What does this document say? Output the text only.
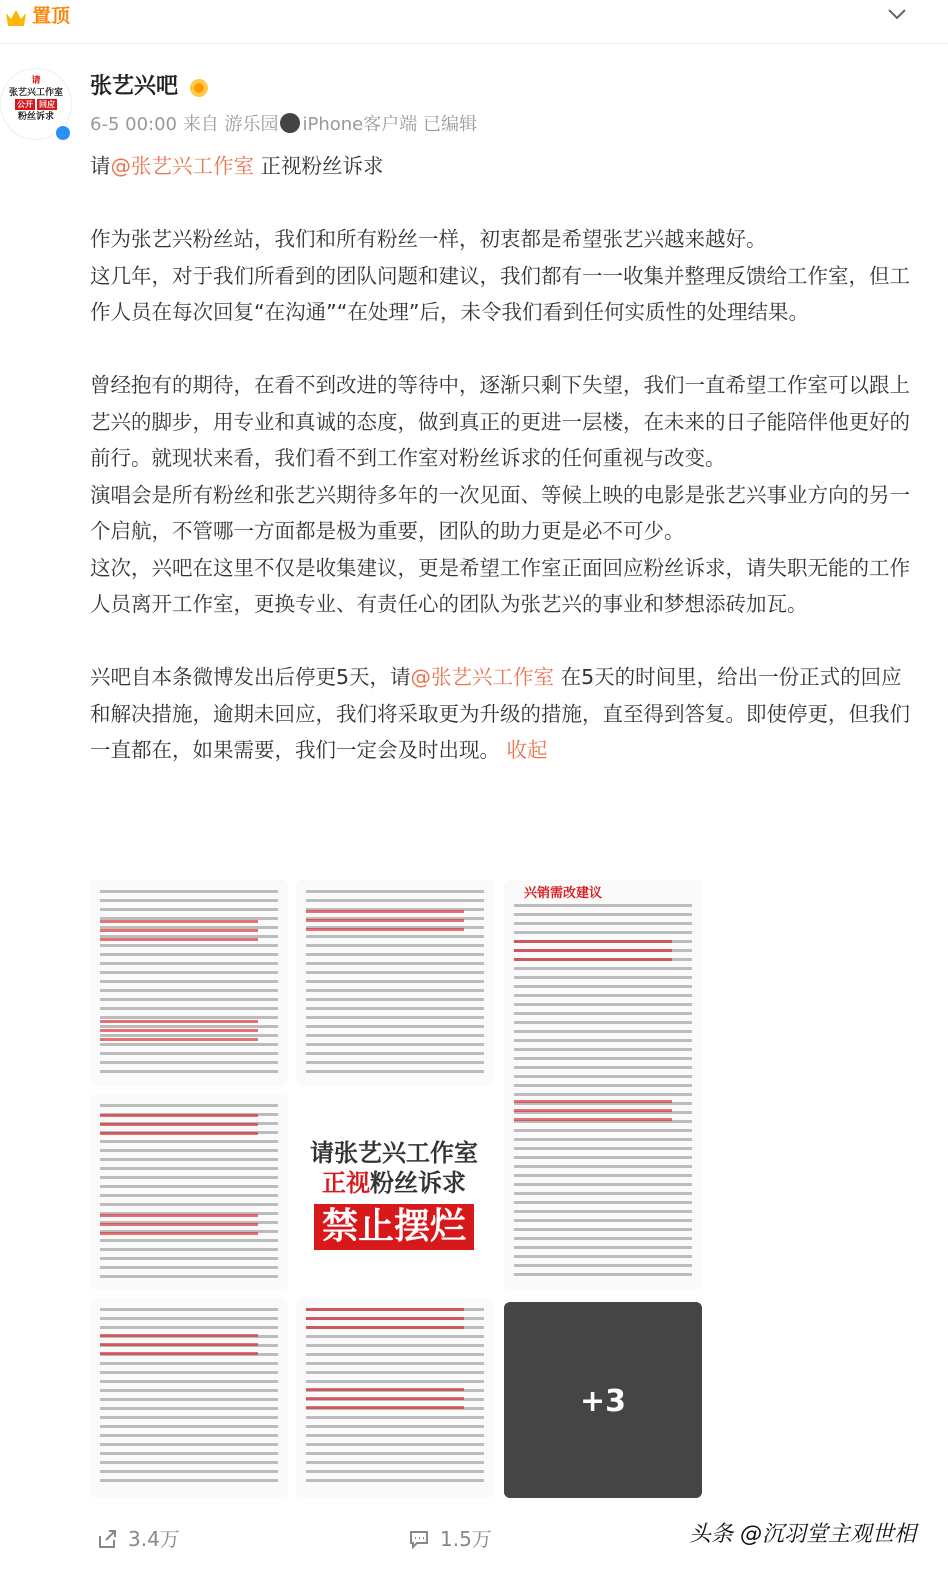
置顶
请
张艺兴工作室
公开 回应
粉丝诉求
张艺兴吧
6-5 00:00 来自 游乐园 iPhone客户端 已编辑

请@张艺兴工作室 正视粉丝诉求

作为张艺兴粉丝站，我们和所有粉丝一样，初衷都是希望张艺兴越来越好。

这几年，对于我们所看到的团队问题和建议，我们都有一一收集并整理反馈给工作室，但工作人员在每次回复“在沟通”“在处理”后，未令我们看到任何实质性的处理结果。

曾经抱有的期待，在看不到改进的等待中，逐渐只剩下失望，我们一直希望工作室可以跟上艺兴的脚步，用专业和真诚的态度，做到真正的更进一层楼，在未来的日子能陪伴他更好的前行。就现状来看，我们看不到工作室对粉丝诉求的任何重视与改变。

演唱会是所有粉丝和张艺兴期待多年的一次见面、等候上映的电影是张艺兴事业方向的另一个启航，不管哪一方面都是极为重要，团队的助力更是必不可少。

这次，兴吧在这里不仅是收集建议，更是希望工作室正面回应粉丝诉求，请失职无能的工作人员离开工作室，更换专业、有责任心的团队为张艺兴的事业和梦想添砖加瓦。

兴吧自本条微博发出后停更5天，请@张艺兴工作室 在5天的时间里，给出一份正式的回应和解决措施，逾期未回应，我们将采取更为升级的措施，直至得到答复。即使停更，但我们一直都在，如果需要，我们一定会及时出现。 收起

兴销需改建议
请张艺兴工作室
正视粉丝诉求
禁止摆烂
+3
3.4万	1.5万	头条 @沉羽堂主观世相
